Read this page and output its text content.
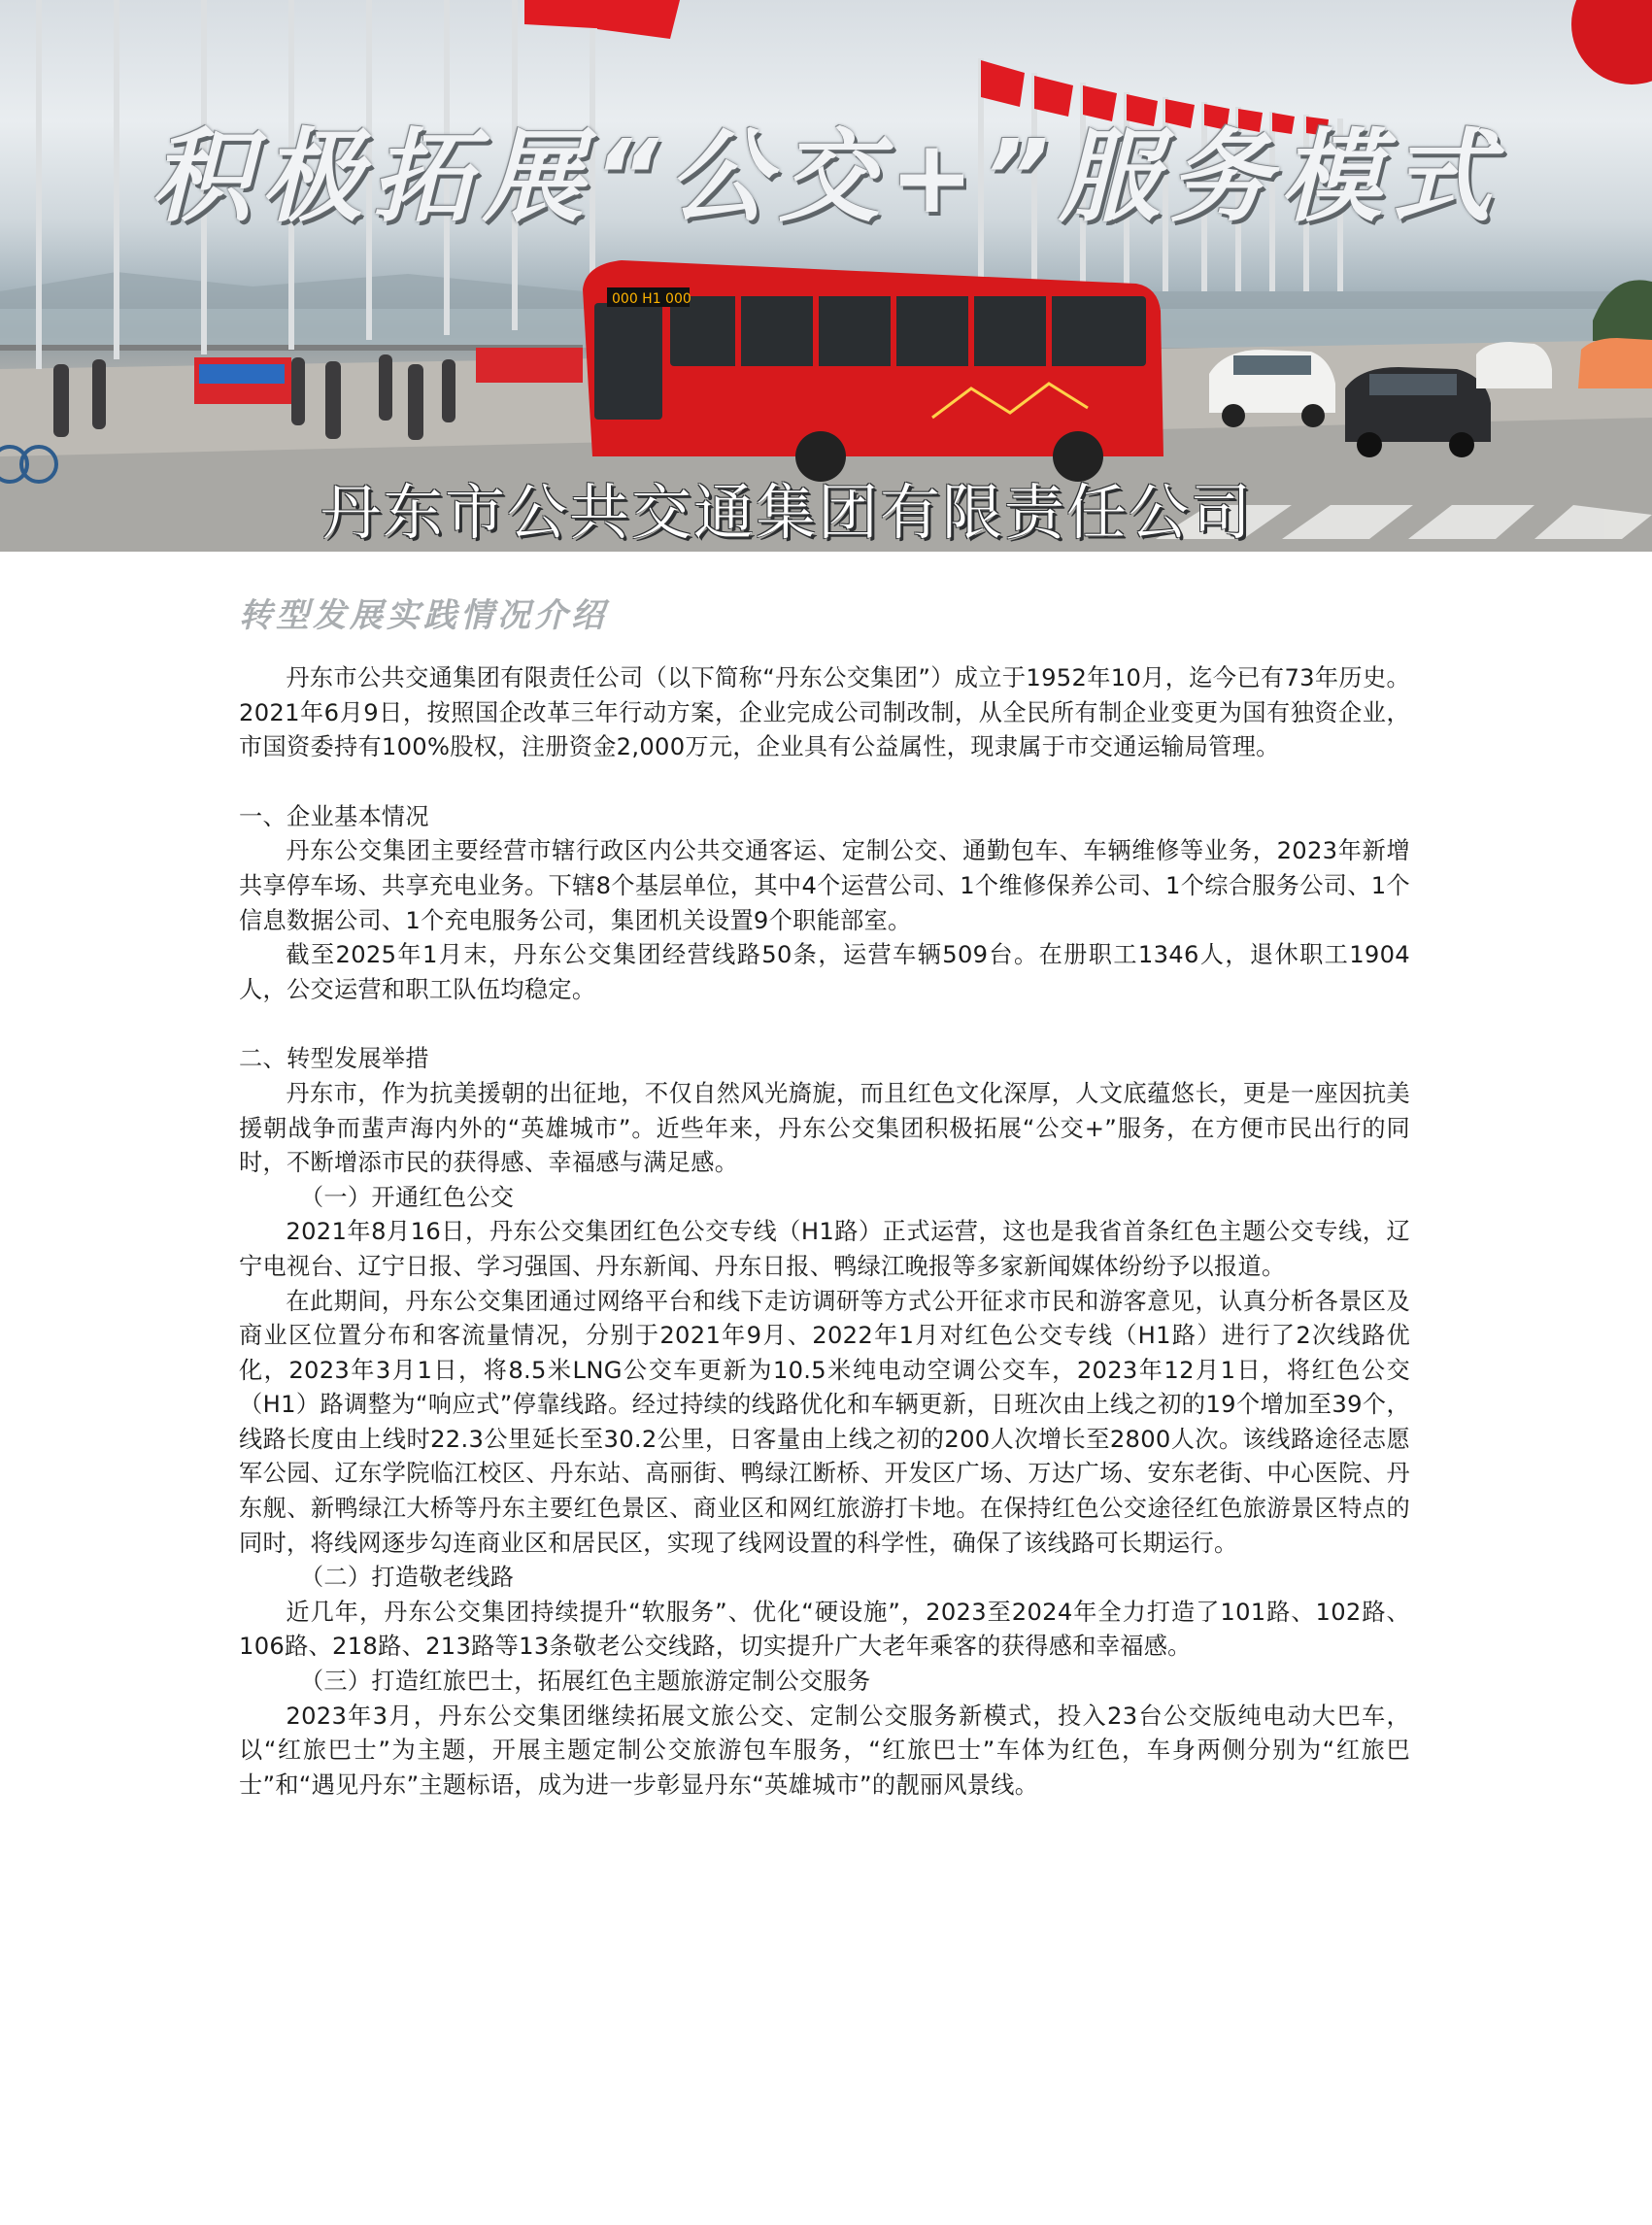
000 H1 000
积极拓展“公交+”服务模式
丹东市公共交通集团有限责任公司
转型发展实践情况介绍

丹东市公共交通集团有限责任公司（以下简称“丹东公交集团”）成立于1952年10月，迄今已有73年历史。2021年6月9日，按照国企改革三年行动方案，企业完成公司制改制，从全民所有制企业变更为国有独资企业，市国资委持有100%股权，注册资金2,000万元，企业具有公益属性，现隶属于市交通运输局管理。

一、企业基本情况

丹东公交集团主要经营市辖行政区内公共交通客运、定制公交、通勤包车、车辆维修等业务，2023年新增共享停车场、共享充电业务。下辖8个基层单位，其中4个运营公司、1个维修保养公司、1个综合服务公司、1个信息数据公司、1个充电服务公司，集团机关设置9个职能部室。

截至2025年1月末，丹东公交集团经营线路50条，运营车辆509台。在册职工1346人，退休职工1904人，公交运营和职工队伍均稳定。

二、转型发展举措

丹东市，作为抗美援朝的出征地，不仅自然风光旖旎，而且红色文化深厚，人文底蕴悠长，更是一座因抗美援朝战争而蜚声海内外的“英雄城市”。近些年来，丹东公交集团积极拓展“公交+”服务，在方便市民出行的同时，不断增添市民的获得感、幸福感与满足感。

（一）开通红色公交

2021年8月16日，丹东公交集团红色公交专线（H1路）正式运营，这也是我省首条红色主题公交专线，辽宁电视台、辽宁日报、学习强国、丹东新闻、丹东日报、鸭绿江晚报等多家新闻媒体纷纷予以报道。

在此期间，丹东公交集团通过网络平台和线下走访调研等方式公开征求市民和游客意见，认真分析各景区及商业区位置分布和客流量情况，分别于2021年9月、2022年1月对红色公交专线（H1路）进行了2次线路优化，2023年3月1日，将8.5米LNG公交车更新为10.5米纯电动空调公交车，2023年12月1日，将红色公交（H1）路调整为“响应式”停靠线路。经过持续的线路优化和车辆更新，日班次由上线之初的19个增加至39个，线路长度由上线时22.3公里延长至30.2公里，日客量由上线之初的200人次增长至2800人次。该线路途径志愿军公园、辽东学院临江校区、丹东站、高丽街、鸭绿江断桥、开发区广场、万达广场、安东老街、中心医院、丹东舰、新鸭绿江大桥等丹东主要红色景区、商业区和网红旅游打卡地。在保持红色公交途径红色旅游景区特点的同时，将线网逐步勾连商业区和居民区，实现了线网设置的科学性，确保了该线路可长期运行。

（二）打造敬老线路

近几年，丹东公交集团持续提升“软服务”、优化“硬设施”，2023至2024年全力打造了101路、102路、106路、218路、213路等13条敬老公交线路，切实提升广大老年乘客的获得感和幸福感。

（三）打造红旅巴士，拓展红色主题旅游定制公交服务

2023年3月，丹东公交集团继续拓展文旅公交、定制公交服务新模式，投入23台公交版纯电动大巴车，以“红旅巴士”为主题，开展主题定制公交旅游包车服务，“红旅巴士”车体为红色，车身两侧分别为“红旅巴士”和“遇见丹东”主题标语，成为进一步彰显丹东“英雄城市”的靓丽风景线。
